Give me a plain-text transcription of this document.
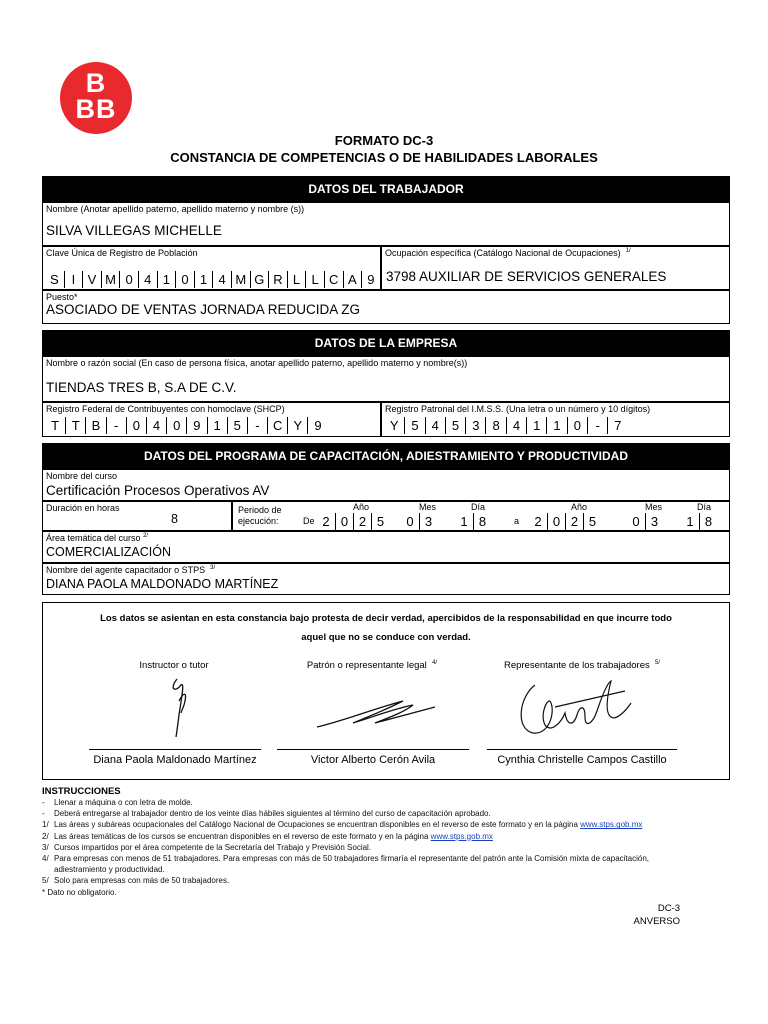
B
BB
FORMATO DC-3
CONSTANCIA DE COMPETENCIAS O DE HABILIDADES LABORALES
DATOS DEL TRABAJADOR
Nombre (Anotar apellido paterno, apellido materno y nombre (s))
SILVA VILLEGAS MICHELLE
Clave Única de Registro de Población
S I V M 0 4 1 0 1 4 M G R L L C A 9
Ocupación específica (Catálogo Nacional de Ocupaciones) $^{1/}$
3798 AUXILIAR DE SERVICIOS GENERALES
Puesto*
ASOCIADO DE VENTAS JORNADA REDUCIDA ZG
DATOS DE LA EMPRESA
Nombre o razón social (En caso de persona física, anotar apellido paterno, apellido materno y nombre(s))
TIENDAS TRES B, S.A DE C.V.
Registro Federal de Contribuyentes con homoclave (SHCP)
T T B	-	0 4 0 9 1 5	-	C Y 9
Registro Patronal del I.M.S.S. (Una letra o un número y 10 dígitos)
Y 5	4	5	3	8	4	1	1	0	-	7
DATOS DEL PROGRAMA DE CAPACITACIÓN, ADIESTRAMIENTO Y PRODUCTIVIDAD
Nombre del curso
Certificación Procesos Operativos AV
Duración en horas
8
Periodo de
ejecución:	De	a
Año	Mes	Día	Año	Mes	Día
2 0 2 5	0 3	1 8	2 0 2 5	0 3	1 8
Área temática del curso $^{2/}$
COMERCIALIZACIÓN
Nombre del agente capacitador o STPS $^{3/}$
DIANA PAOLA MALDONADO MARTÍNEZ
Los datos se asientan en esta constancia bajo protesta de decir verdad, apercibidos de la responsabilidad en que incurre todo
aquel que no se conduce con verdad.
Instructor o tutor	Patrón o representante legal $^{4/}$	Representante de los trabajadores $^{5/}$
Diana Paola Maldonado Martínez	Victor Alberto Cerón Avila	Cynthia Christelle Campos Castillo
INSTRUCCIONES
- Llenar a máquina o con letra de molde.
- Deberá entregarse al trabajador dentro de los veinte días hábiles siguientes al término del curso de capacitación aprobado.
1/ Las áreas y subáreas ocupacionales del Catálogo Nacional de Ocupaciones se encuentran disponibles en el reverso de este formato y en la página www.stps.gob.mx
2/ Las áreas temáticas de los cursos se encuentran disponibles en el reverso de este formato y en la página www.stps.gob.mx
3/ Cursos impartidos por el área competente de la Secretaría del Trabajo y Previsión Social.
4/ Para empresas con menos de 51 trabajadores. Para empresas con más de 50 trabajadores firmaría el representante del patrón ante la Comisión mixta de capacitación,
adiestramiento y productividad.
5/ Solo para empresas con más de 50 trabajadores.
* Dato no obligatorio.
DC-3
ANVERSO
